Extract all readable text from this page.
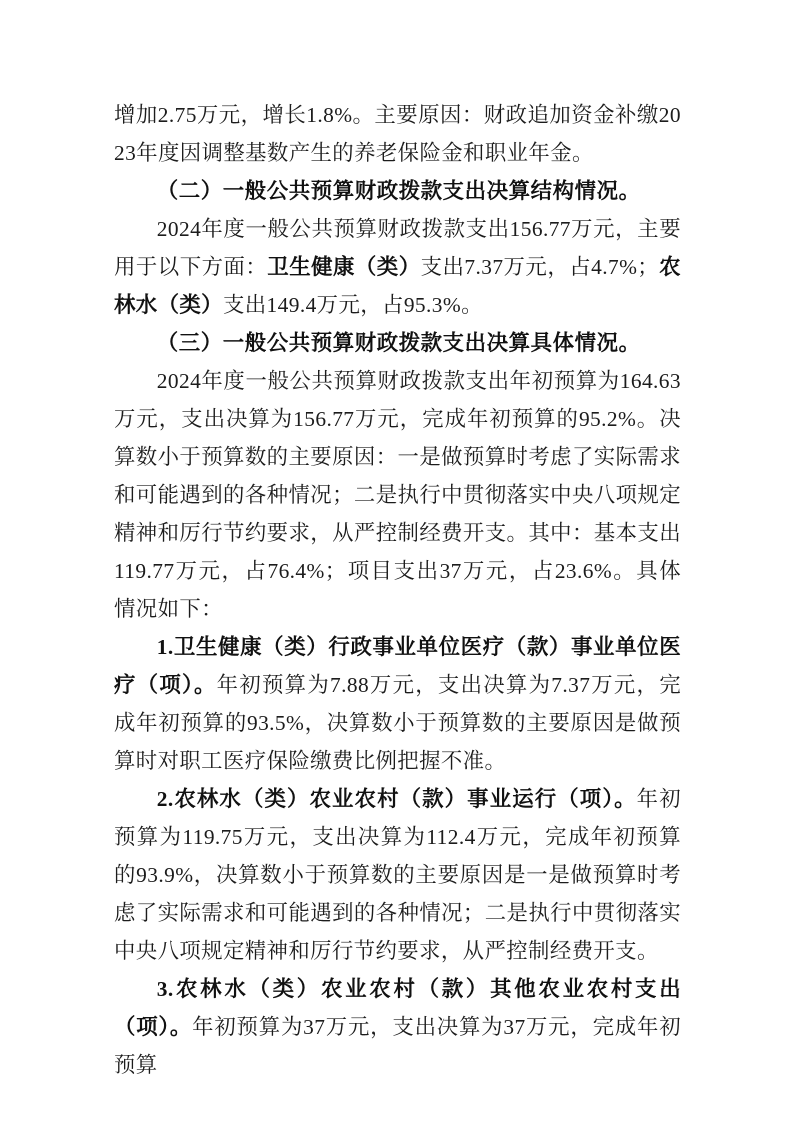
增加2.75万元，增长1.8%。主要原因：财政追加资金补缴2023年度因调整基数产生的养老保险金和职业年金。

（二）一般公共预算财政拨款支出决算结构情况。

2024年度一般公共预算财政拨款支出156.77万元，主要用于以下方面：卫生健康（类）支出7.37万元，占4.7%；农林水（类）支出149.4万元，占95.3%。

（三）一般公共预算财政拨款支出决算具体情况。

2024年度一般公共预算财政拨款支出年初预算为164.63万元，支出决算为156.77万元，完成年初预算的95.2%。决算数小于预算数的主要原因：一是做预算时考虑了实际需求和可能遇到的各种情况；二是执行中贯彻落实中央八项规定精神和厉行节约要求，从严控制经费开支。其中：基本支出119.77万元，占76.4%；项目支出37万元，占23.6%。具体情况如下：

1.卫生健康（类）行政事业单位医疗（款）事业单位医疗（项）。年初预算为7.88万元，支出决算为7.37万元，完成年初预算的93.5%，决算数小于预算数的主要原因是做预算时对职工医疗保险缴费比例把握不准。

2.农林水（类）农业农村（款）事业运行（项）。年初预算为119.75万元，支出决算为112.4万元，完成年初预算的93.9%，决算数小于预算数的主要原因是一是做预算时考虑了实际需求和可能遇到的各种情况；二是执行中贯彻落实中央八项规定精神和厉行节约要求，从严控制经费开支。

3.农林水（类）农业农村（款）其他农业农村支出（项）。年初预算为37万元，支出决算为37万元，完成年初预算
